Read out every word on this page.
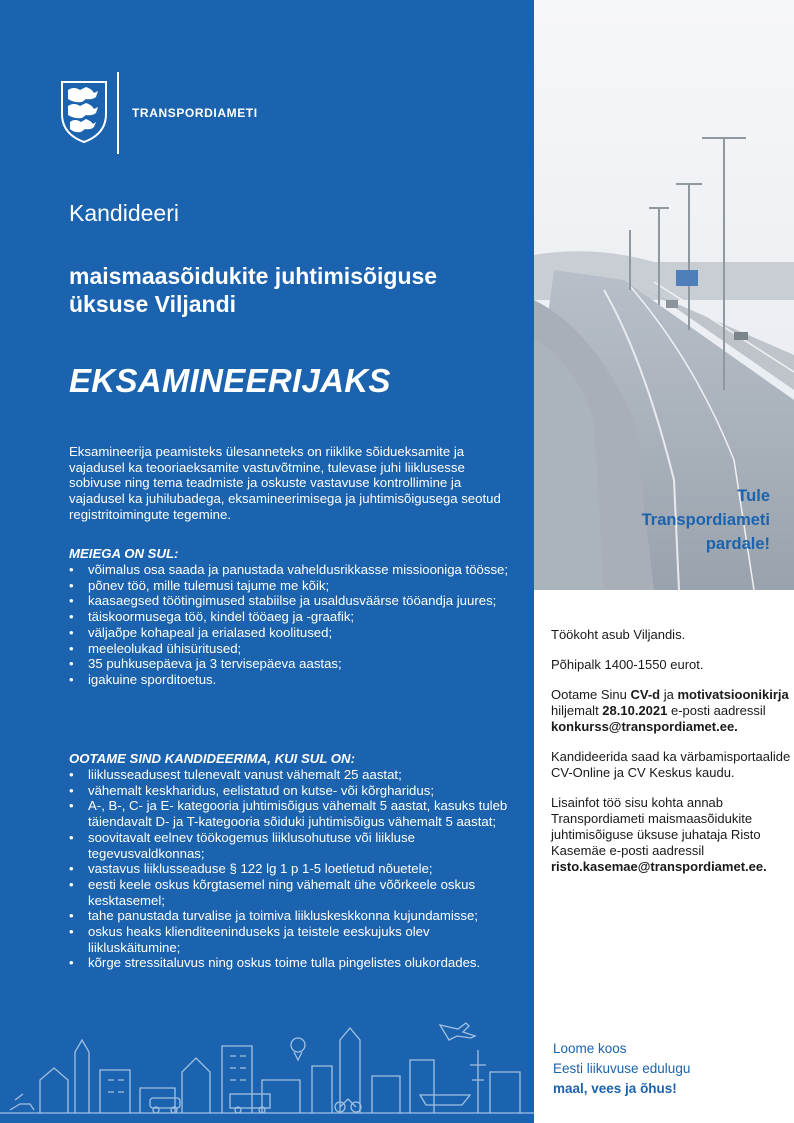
TRANSPORDIAMETI
Kandideeri
maismaasõidukite juhtimisõiguse
üksuse Viljandi
EKSAMINEERIJAKS
Eksamineerija peamisteks ülesanneteks on riiklike sõidueksamite ja vajadusel ka teooriaeksamite vastuvõtmine, tulevase juhi liiklusesse sobivuse ning tema teadmiste ja oskuste vastavuse kontrollimine ja vajadusel ka juhilubadega, eksamineerimisega ja juhtimisõigusega seotud registritoimingute tegemine.
MEIEGA ON SUL:
• võimalus osa saada ja panustada vaheldusrikkasse missiooniga töösse;
• põnev töö, mille tulemusi tajume me kõik;
• kaasaegsed töötingimused stabiilse ja usaldusväärse tööandja juures;
• täiskoormusega töö, kindel tööaeg ja -graafik;
• väljaõpe kohapeal ja erialased koolitused;
• meeleolukad ühisüritused;
• 35 puhkusepäeva ja 3 tervisepäeva aastas;
• igakuine sporditoetus.
OOTAME SIND KANDIDEERIMA, KUI SUL ON:
• liiklusseadusest tulenevalt vanust vähemalt 25 aastat;
• vähemalt keskharidus, eelistatud on kutse- või kõrgharidus;
• A-, B-, C- ja E- kategooria juhtimisõigus vähemalt 5 aastat, kasuks tuleb täiendavalt D- ja T-kategooria sõiduki juhtimisõigus vähemalt 5 aastat;
• soovitavalt eelnev töökogemus liiklusohutuse või liikluse tegevusvaldkonnas;
• vastavus liiklusseaduse § 122 lg 1 p 1-5 loetletud nõuetele;
• eesti keele oskus kõrgtasemel ning vähemalt ühe võõrkeele oskus kesktasemel;
• tahe panustada turvalise ja toimiva liikluskeskkonna kujundamisse;
• oskus heaks klienditeeninduseks ja teistele eeskujuks olev liikluskäitumine;
• kõrge stressitaluvus ning oskus toime tulla pingelistes olukordades.
Tule
Transpordiameti
pardale!

Töökoht asub Viljandis.

Põhipalk 1400-1550 eurot.

Ootame Sinu CV-d ja motivatsioonikirja hiljemalt 28.10.2021 e-posti aadressil konkurss@transpordiamet.ee.

Kandideerida saad ka värbamisportaalide CV-Online ja CV Keskus kaudu.

Lisainfot töö sisu kohta annab Transpordiameti maismaasõidukite juhtimisõiguse üksuse juhataja Risto Kasemäe e-posti aadressil risto.kasemae@transpordiamet.ee.

Loome koos
Eesti liikuvuse edulugu
maal, vees ja õhus!
